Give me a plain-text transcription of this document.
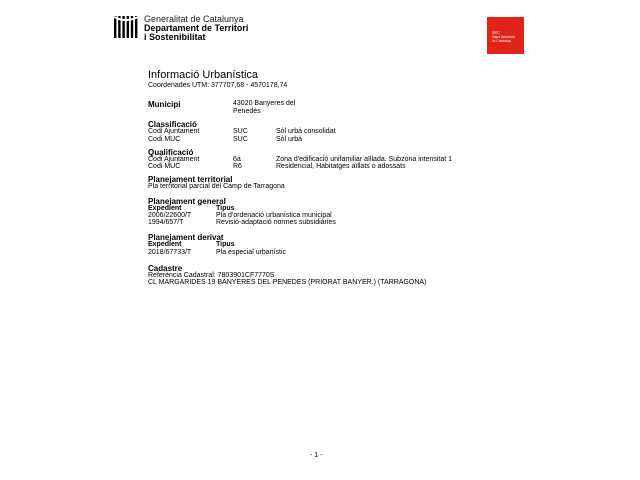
Generalitat de Catalunya
Departament de Territori
i Sostenibilitat	IDEC
Mapa Urbanístic
de Catalunya
Informació Urbanística
Coordenades UTM: 377707,68 - 4570178,74
Municipi	43020 Banyeres del
Penedès
Classificació
Codi Ajuntament	SUC	Sòl urbà consolidat
Codi MUC	SUC	Sòl urbà
Qualificació
Codi Ajuntament	6a	Zona d'edificació unifamiliar aïllada. Subzona intensitat 1
Codi MUC	R6	Residencial, Habitatges aïllats o adossats
Planejament territorial
Pla territorial parcial del Camp de Tarragona
Planejament general
Expedient	Tipus
2006/22600/T	Pla d'ordenació urbanística municipal
1994/657/T	Revisió-adaptació normes subsidiàries
Planejament derivat
Expedient	Tipus
2018/67733/T	Pla especial urbanístic
Cadastre
Referència Cadastral: 7803901CF7770S
CL MARGARIDES 19 BANYERES DEL PENEDES (PRIORAT BANYER.) (TARRAGONA)
- 1 -
